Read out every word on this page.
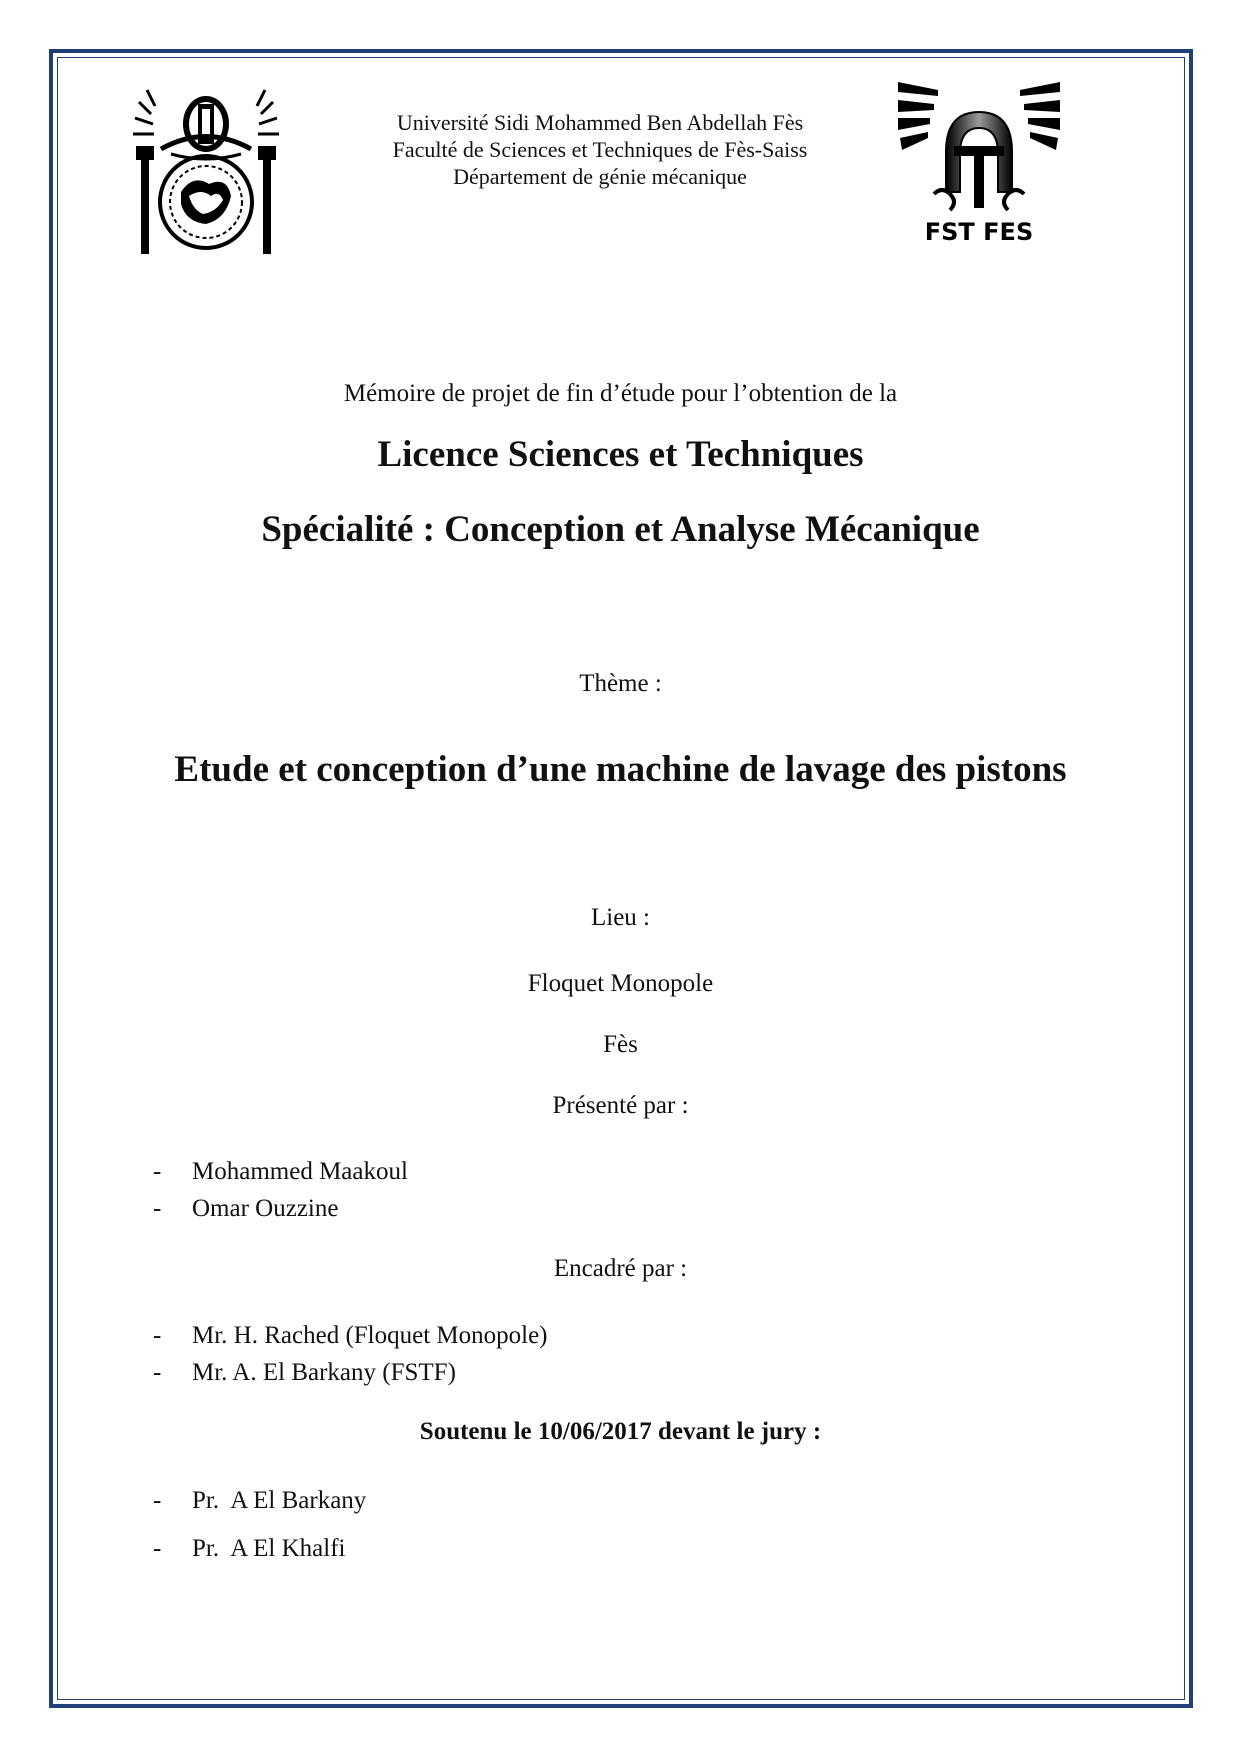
Université Sidi Mohammed Ben Abdellah Fès
Faculté de Sciences et Techniques de Fès-Saiss
Département de génie mécanique
FST FES
Mémoire de projet de fin d’étude pour l’obtention de la
Licence Sciences et Techniques
Spécialité : Conception et Analyse Mécanique
Thème :
Etude et conception d’une machine de lavage des pistons
Lieu :
Floquet Monopole
Fès
Présenté par :
- Mohammed Maakoul
- Omar Ouzzine
Encadré par :
- Mr. H. Rached (Floquet Monopole)
- Mr. A. El Barkany (FSTF)
Soutenu le 10/06/2017 devant le jury :
- Pr.  A El Barkany
- Pr.  A El Khalfi
